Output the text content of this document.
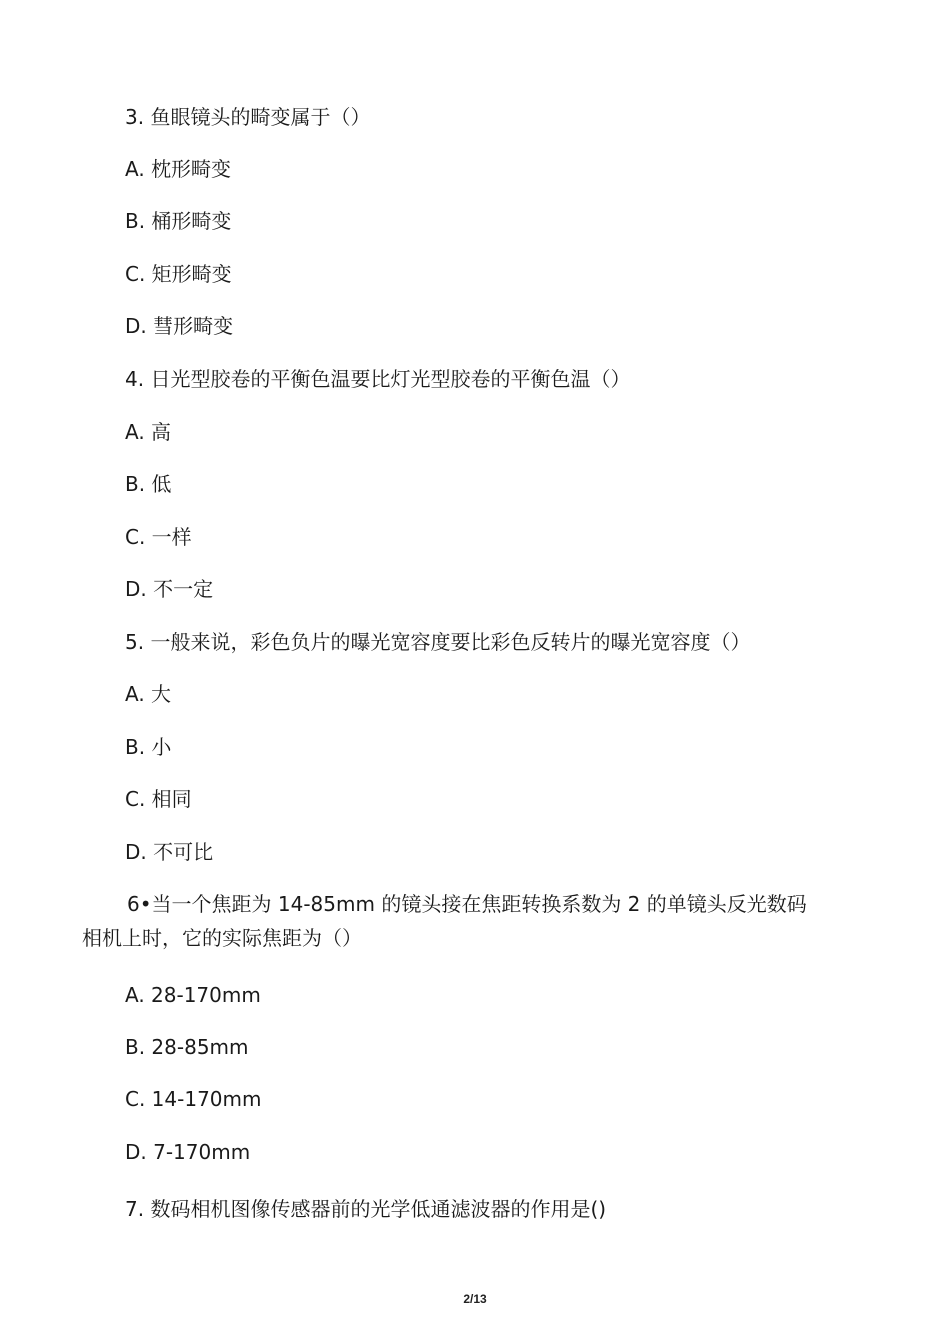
3. 鱼眼镜头的畸变属于（）
A. 枕形畸变
B. 桶形畸变
C. 矩形畸变
D. 彗形畸变
4. 日光型胶卷的平衡色温要比灯光型胶卷的平衡色温（）
A. 高
B. 低
C. 一样
D. 不一定
5. 一般来说，彩色负片的曝光宽容度要比彩色反转片的曝光宽容度（）
A. 大
B. 小
C. 相同
D. 不可比
6•当一个焦距为 14-85mm 的镜头接在焦距转换系数为 2 的单镜头反光数码
相机上时，它的实际焦距为（）
A. 28-170mm
B. 28-85mm
C. 14-170mm
D. 7-170mm
7. 数码相机图像传感器前的光学低通滤波器的作用是()
2/13
